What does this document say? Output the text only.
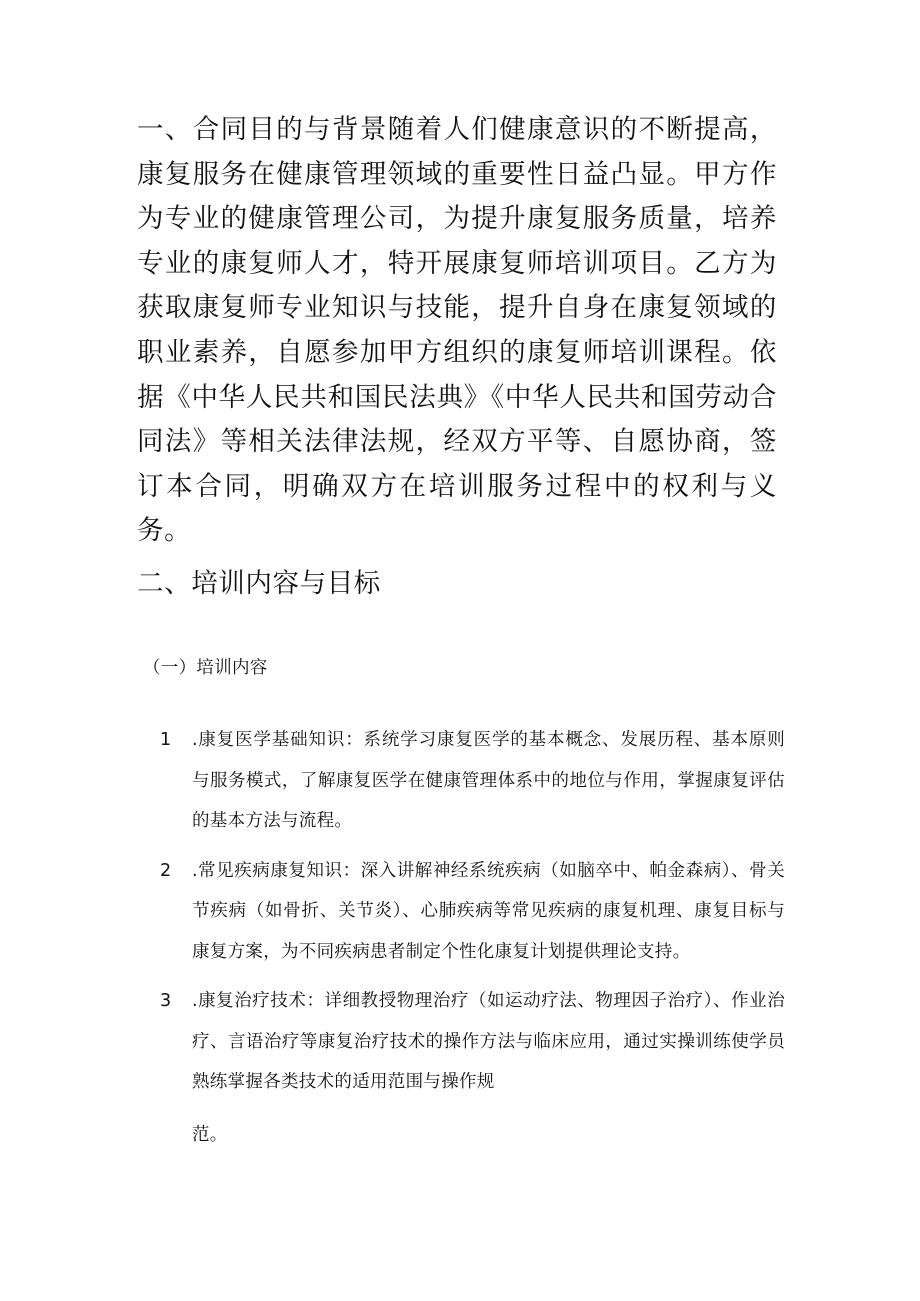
一、合同目的与背景随着人们健康意识的不断提高，康复服务在健康管理领域的重要性日益凸显。甲方作为专业的健康管理公司，为提升康复服务质量，培养专业的康复师人才，特开展康复师培训项目。乙方为获取康复师专业知识与技能，提升自身在康复领域的职业素养，自愿参加甲方组织的康复师培训课程。依据《中华人民共和国民法典》《中华人民共和国劳动合同法》等相关法律法规，经双方平等、自愿协商，签订本合同，明确双方在培训服务过程中的权利与义务。

二、培训内容与目标
（一）培训内容
1	.康复医学基础知识：系统学习康复医学的基本概念、发展历程、基本原则与服务模式，了解康复医学在健康管理体系中的地位与作用，掌握康复评估的基本方法与流程。
2	.常见疾病康复知识：深入讲解神经系统疾病（如脑卒中、帕金森病）、骨关节疾病（如骨折、关节炎）、心肺疾病等常见疾病的康复机理、康复目标与康复方案，为不同疾病患者制定个性化康复计划提供理论支持。
3	.康复治疗技术：详细教授物理治疗（如运动疗法、物理因子治疗）、作业治疗、言语治疗等康复治疗技术的操作方法与临床应用，通过实操训练使学员熟练掌握各类技术的适用范围与操作规
范。
